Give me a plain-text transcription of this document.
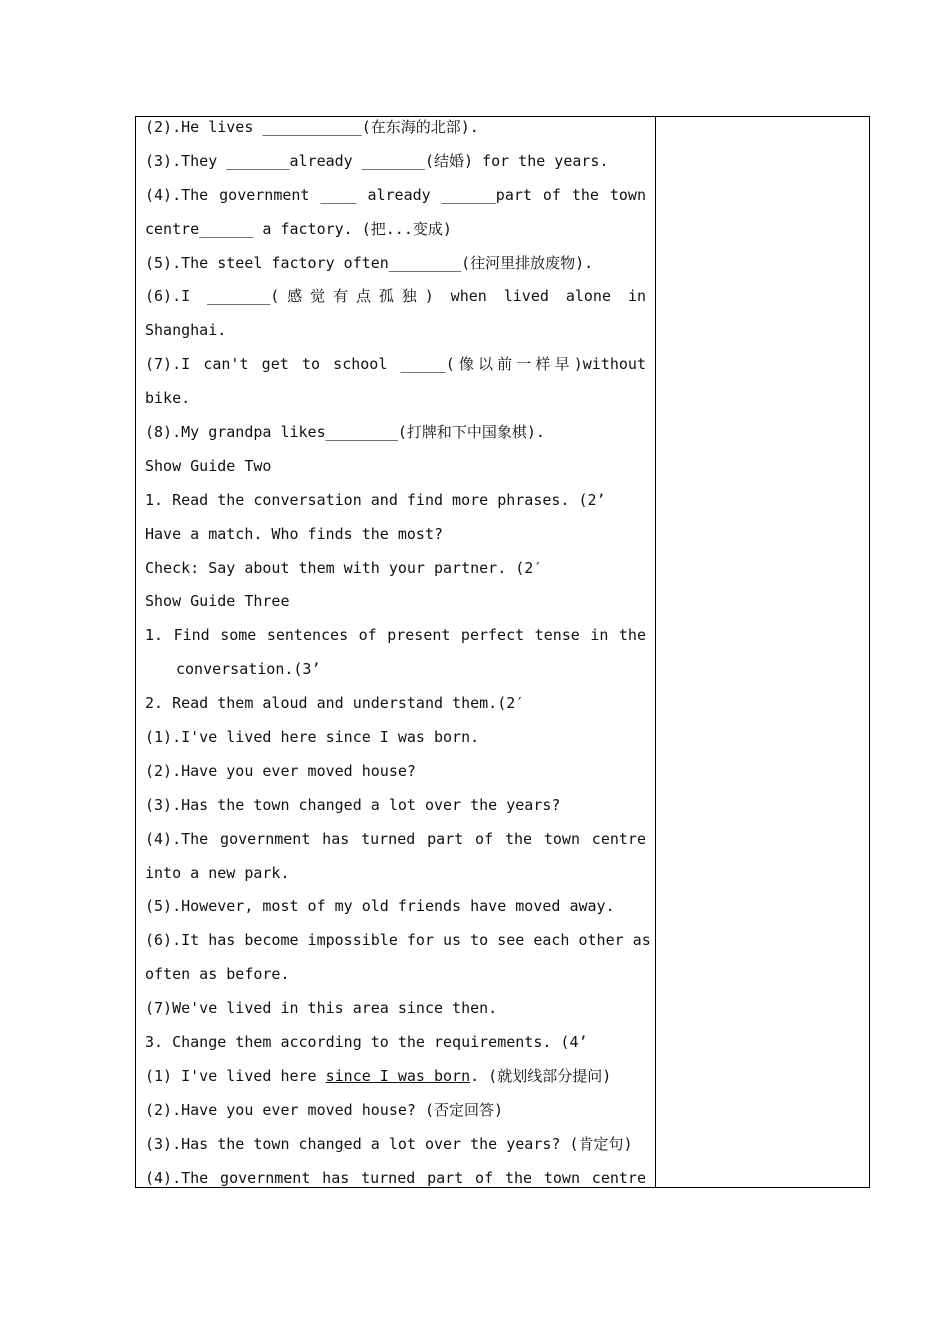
(2).He lives ___________(在东海的北部).
(3).They _______already _______(结婚) for the years.
(4).The government ____ already ______part of the town
centre______ a factory. (把...变成)
(5).The steel factory often________(往河里排放废物).
(6).I _______(感觉有点孤独) when lived alone in
Shanghai.
(7).I can't get to school _____(像以前一样早)without
bike.
(8).My grandpa likes________(打牌和下中国象棋).
Show Guide Two
1. Read the conversation and find more phrases. (2’
Have a match. Who finds the most?
Check: Say about them with your partner. (2′
Show Guide Three
1. Find some sentences of present perfect tense in the
conversation.(3’
2. Read them aloud and understand them.(2′
(1).I've lived here since I was born.
(2).Have you ever moved house?
(3).Has the town changed a lot over the years?
(4).The government has turned part of the town centre
into a new park.
(5).However, most of my old friends have moved away.
(6).It has become impossible for us to see each other as
often as before.
(7)We've lived in this area since then.
3. Change them according to the requirements. (4’
(1) I've lived here since I was born. (就划线部分提问)
(2).Have you ever moved house? (否定回答)
(3).Has the town changed a lot over the years? (肯定句)
(4).The government has turned part of the town centre
